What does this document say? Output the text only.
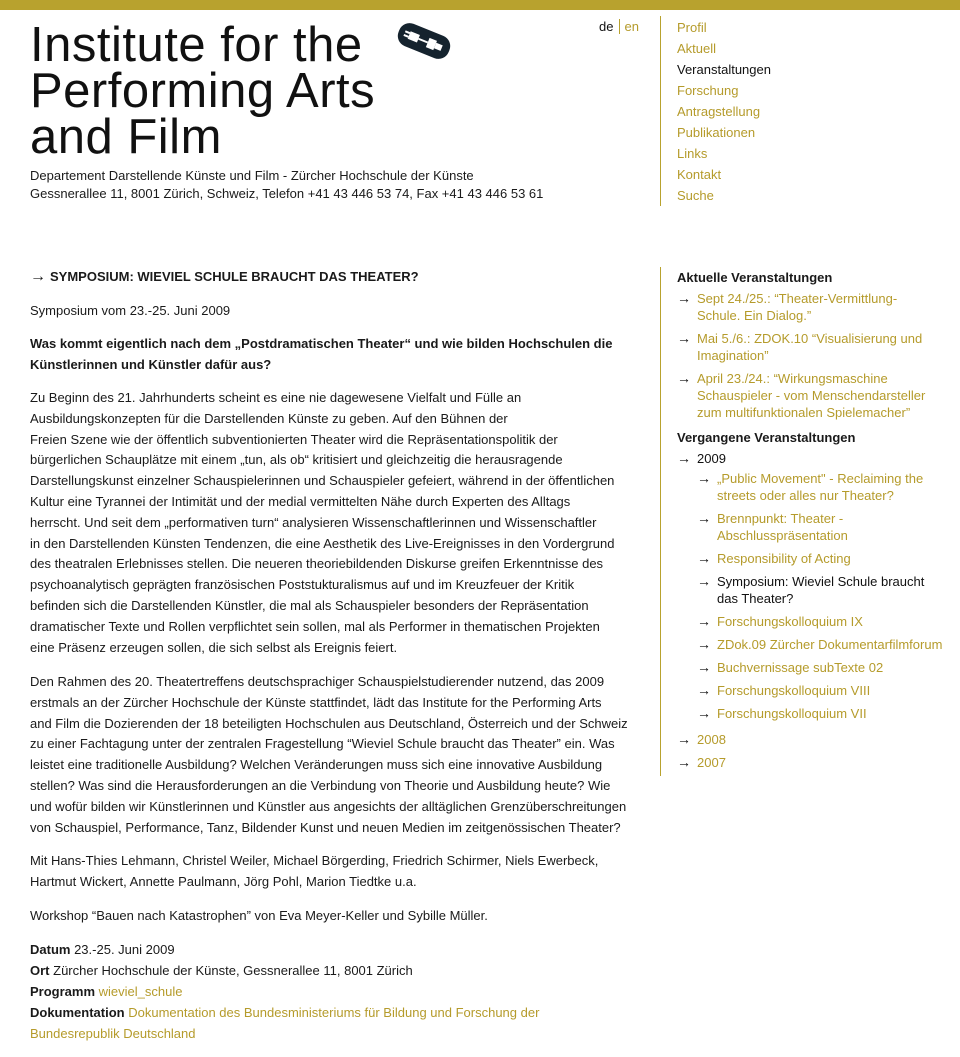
Institute for the
Performing Arts
and Film
Departement Darstellende Künste und Film - Zürcher Hochschule der Künste
Gessnerallee 11, 8001 Zürich, Schweiz, Telefon +41 43 446 53 74, Fax +41 43 446 53 61
de en	Profil
Aktuell
Veranstaltungen
Forschung
Antragstellung
Publikationen
Links
Kontakt
Suche
→ SYMPOSIUM: WIEVIEL SCHULE BRAUCHT DAS THEATER?

Symposium vom 23.-25. Juni 2009

Was kommt eigentlich nach dem „Postdramatischen Theater“ und wie bilden Hochschulen die
Künstlerinnen und Künstler dafür aus?

Zu Beginn des 21. Jahrhunderts scheint es eine nie dagewesene Vielfalt und Fülle an
Ausbildungskonzepten für die Darstellenden Künste zu geben. Auf den Bühnen der
Freien Szene wie der öffentlich subventionierten Theater wird die Repräsentationspolitik der
bürgerlichen Schauplätze mit einem „tun, als ob“ kritisiert und gleichzeitig die herausragende
Darstellungskunst einzelner Schauspielerinnen und Schauspieler gefeiert, während in der öffentlichen
Kultur eine Tyrannei der Intimität und der medial vermittelten Nähe durch Experten des Alltags
herrscht. Und seit dem „performativen turn“ analysieren Wissenschaftlerinnen und Wissenschaftler
in den Darstellenden Künsten Tendenzen, die eine Aesthetik des Live-Ereignisses in den Vordergrund
des theatralen Erlebnisses stellen. Die neueren theoriebildenden Diskurse greifen Erkenntnisse des
psychoanalytisch geprägten französischen Poststukturalismus auf und im Kreuzfeuer der Kritik
befinden sich die Darstellenden Künstler, die mal als Schauspieler besonders der Repräsentation
dramatischer Texte und Rollen verpflichtet sein sollen, mal als Performer in thematischen Projekten
eine Präsenz erzeugen sollen, die sich selbst als Ereignis feiert.

Den Rahmen des 20. Theatertreffens deutschsprachiger Schauspielstudierender nutzend, das 2009
erstmals an der Zürcher Hochschule der Künste stattfindet, lädt das Institute for the Performing Arts
and Film die Dozierenden der 18 beteiligten Hochschulen aus Deutschland, Österreich und der Schweiz
zu einer Fachtagung unter der zentralen Fragestellung “Wieviel Schule braucht das Theater” ein. Was
leistet eine traditionelle Ausbildung? Welchen Veränderungen muss sich eine innovative Ausbildung
stellen? Was sind die Herausforderungen an die Verbindung von Theorie und Ausbildung heute? Wie
und wofür bilden wir Künstlerinnen und Künstler aus angesichts der alltäglichen Grenzüberschreitungen
von Schauspiel, Performance, Tanz, Bildender Kunst und neuen Medien im zeitgenössischen Theater?

Mit Hans-Thies Lehmann, Christel Weiler, Michael Börgerding, Friedrich Schirmer, Niels Ewerbeck,
Hartmut Wickert, Annette Paulmann, Jörg Pohl, Marion Tiedtke u.a.

Workshop “Bauen nach Katastrophen” von Eva Meyer-Keller und Sybille Müller.

Datum 23.-25. Juni 2009
Ort Zürcher Hochschule der Künste, Gessnerallee 11, 8001 Zürich
Programm wieviel_schule
Dokumentation Dokumentation des Bundesministeriums für Bildung und Forschung der
Bundesrepublik Deutschland
Aktuelle Veranstaltungen
→ Sept 24./25.: “Theater-Vermittlung-
Schule. Ein Dialog.”
→ Mai 5./6.: ZDOK.10 “Visualisierung und
Imagination”
→ April 23./24.: “Wirkungsmaschine
Schauspieler - vom Menschendarsteller
zum multifunktionalen Spielemacher”
Vergangene Veranstaltungen
→ 2009
→ „Public Movement" - Reclaiming the
streets oder alles nur Theater?
→ Brennpunkt: Theater -
Abschlusspräsentation
→ Responsibility of Acting
→ Symposium: Wieviel Schule braucht
das Theater?
→ Forschungskolloquium IX
→ ZDok.09 Zürcher Dokumentarfilmforum
→ Buchvernissage subTexte 02
→ Forschungskolloquium VIII
→ Forschungskolloquium VII
→ 2008
→ 2007
